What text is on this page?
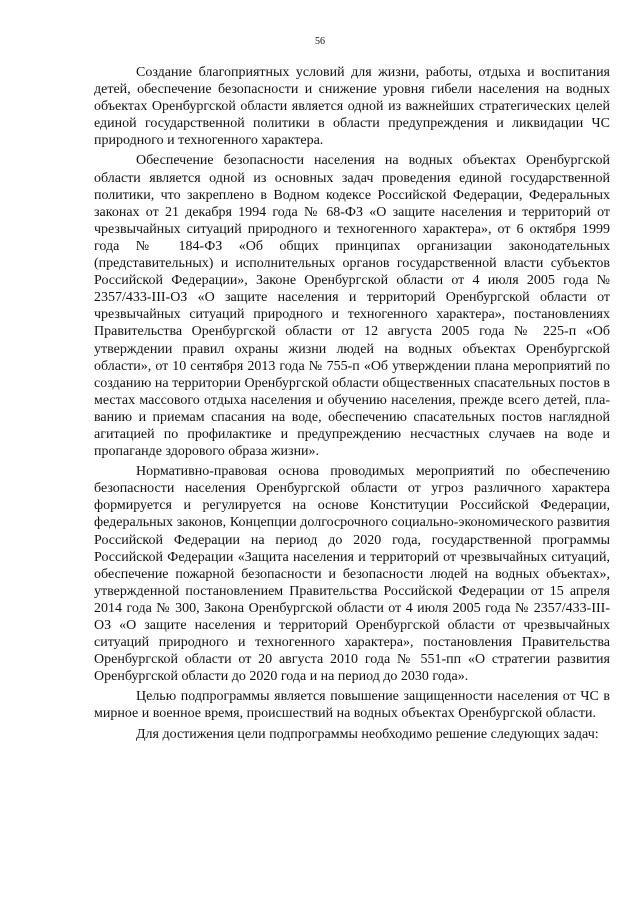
56

Создание благоприятных условий для жизни, работы, отдыха и воспитания детей, обеспечение безопасности и снижение уровня гибели населения на водных объектах Оренбургской области является одной из важнейших стратегических целей единой государственной политики в области предупреждения и ликвидации ЧС природного и техногенного характера.

Обеспечение безопасности населения на водных объектах Оренбургской области является одной из основных задач проведения единой государственной политики, что закреплено в Водном кодексе Российской Федерации, Федеральных законах от 21 декабря 1994 года № 68-ФЗ «О защите населения и территорий от чрезвычайных ситуаций природного и техногенного характера», от 6 октября 1999 года № 184-ФЗ «Об общих принципах организации законодательных (представительных) и исполнительных органов государственной власти субъектов Российской Федерации», Законе Оренбургской области от 4 июля 2005 года № 2357/433-III-ОЗ «О защите населения и территорий Оренбургской области от чрезвычайных ситуаций природного и техногенного характера», постановлениях Правительства Оренбургской области от 12 августа 2005 года № 225-п «Об утверждении правил охраны жизни людей на водных объектах Оренбургской области», от 10 сентября 2013 года № 755-п «Об утверждении плана мероприятий по созданию на территории Оренбургской области общественных спасательных постов в местах массового отдыха населения и обучению населения, прежде всего детей, плаванию и приемам спасания на воде, обеспечению спасательных постов наглядной агитацией по профилактике и предупреждению несчастных случаев на воде и пропаганде здорового образа жизни».

Нормативно-правовая основа проводимых мероприятий по обеспечению безопасности населения Оренбургской области от угроз различного характера формируется и регулируется на основе Конституции Российской Федерации, федеральных законов, Концепции долгосрочного социально-экономического развития Российской Федерации на период до 2020 года, государственной программы Российской Федерации «Защита населения и территорий от чрезвычайных ситуаций, обеспечение пожарной безопасности и безопасности людей на водных объектах», утвержденной постановлением Правительства Российской Федерации от 15 апреля 2014 года № 300, Закона Оренбургской области от 4 июля 2005 года № 2357/433-III-ОЗ «О защите населения и территорий Оренбургской области от чрезвычайных ситуаций природного и техногенного характера», постановления Правительства Оренбургской области от 20 августа 2010 года № 551-пп «О стратегии развития Оренбургской области до 2020 года и на период до 2030 года».

Целью подпрограммы является повышение защищенности населения от ЧС в мирное и военное время, происшествий на водных объектах Оренбургской области.

Для достижения цели подпрограммы необходимо решение следующих задач:
